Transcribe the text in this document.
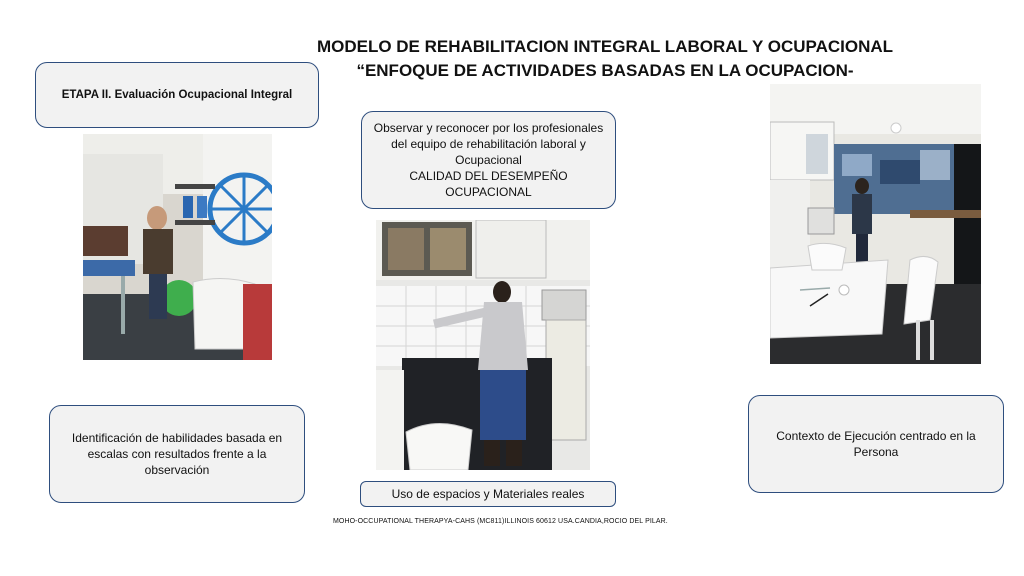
MODELO DE REHABILITACION INTEGRAL LABORAL Y OCUPACIONAL
“ENFOQUE DE ACTIVIDADES BASADAS EN LA OCUPACION-
ETAPA II. Evaluación Ocupacional Integral
Observar y reconocer por los profesionales
del equipo de rehabilitación laboral y
Ocupacional
CALIDAD DEL DESEMPEÑO OCUPACIONAL
Identificación de habilidades basada en
escalas con resultados frente a la
observación
Uso de espacios y Materiales reales
Contexto de Ejecución centrado en la
Persona
MOHO-OCCUPATIONAL THERAPYA-CAHS (MC811)ILLINOIS 60612 USA.CANDIA,ROCIO DEL PILAR.
